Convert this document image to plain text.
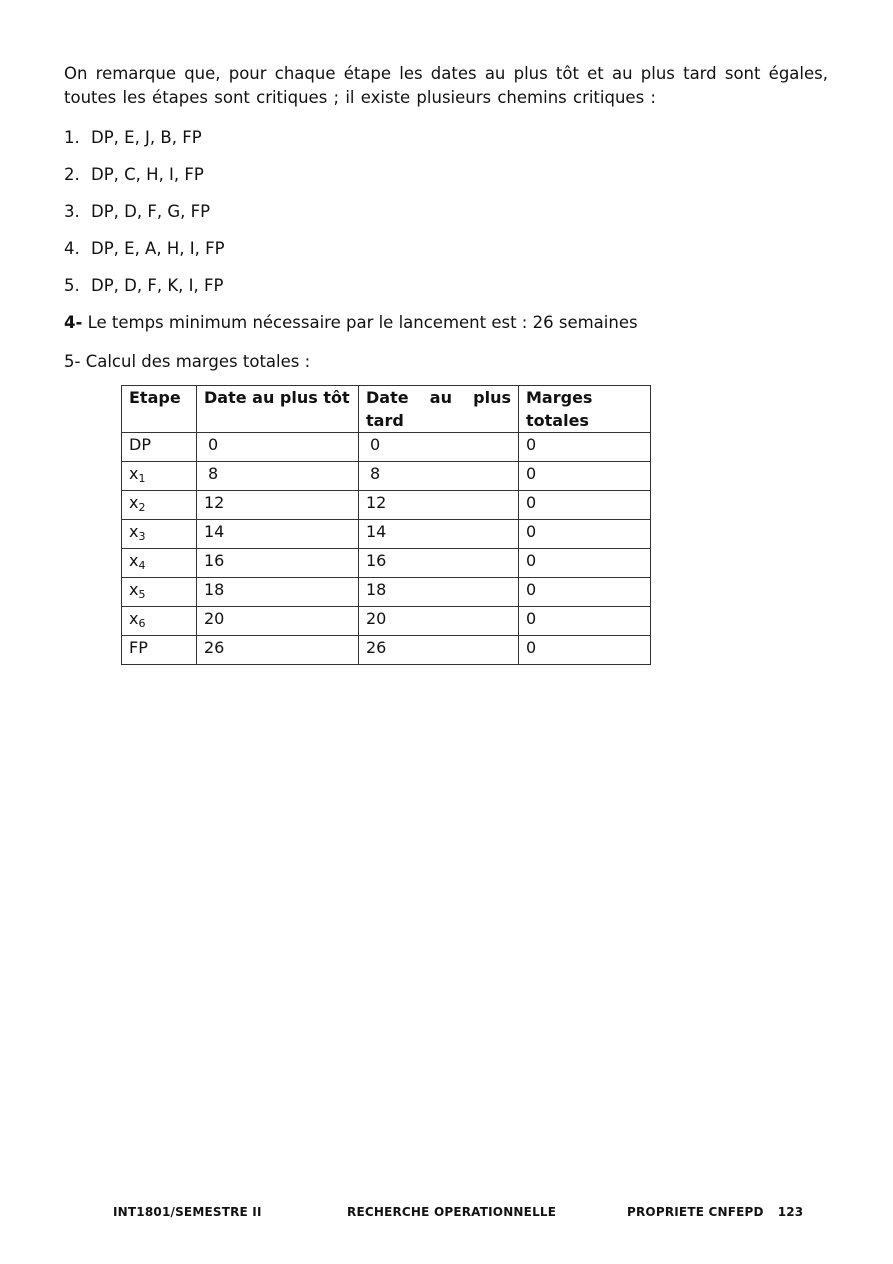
On remarque que, pour chaque étape les dates au plus tôt et au plus tard sont égales, toutes les étapes sont critiques ; il existe plusieurs chemins critiques :

1. DP, E, J, B, FP
2. DP, C, H, I, FP
3. DP, D, F, G, FP
4. DP, E, A, H, I, FP
5. DP, D, F, K, I, FP
4- Le temps minimum nécessaire par le lancement est : 26 semaines
5- Calcul des marges totales :
Etape	Date au plus tôt	Date au plus tard	Marges totales
DP	0	0	0
$x_1$	8	8	0
$x_2$	12	12	0
$x_3$	14	14	0
$x_4$	16	16	0
$x_5$	18	18	0
$x_6$	20	20	0
FP	26	26	0
INT1801/SEMESTRE II	RECHERCHE OPERATIONNELLE	PROPRIETE CNFEPD 123
